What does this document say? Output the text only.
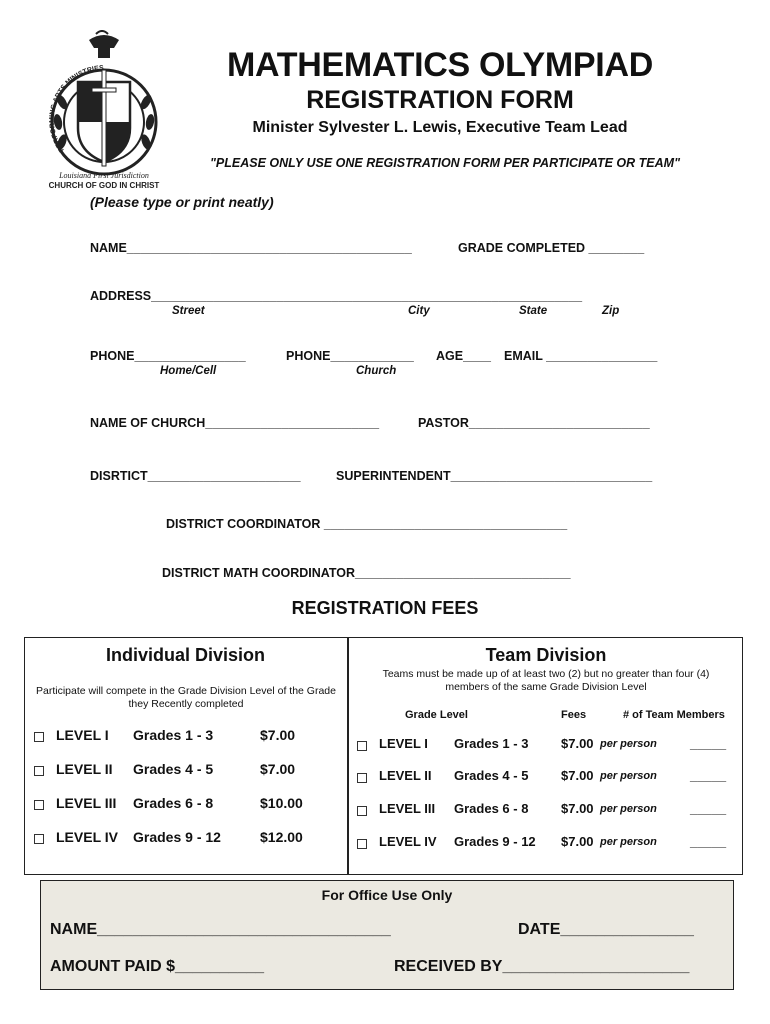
PERFORMING ARTS MINISTRIES
Louisiana First Jurisdiction
CHURCH OF GOD IN CHRIST
MATHEMATICS OLYMPIAD
REGISTRATION FORM
Minister Sylvester L. Lewis, Executive Team Lead
"PLEASE ONLY USE ONE REGISTRATION FORM PER PARTICIPATE OR TEAM"
(Please type or print neatly)
NAME_________________________________________	GRADE COMPLETED ________
ADDRESS______________________________________________________________
Street	City	State	Zip
PHONE________________
Home/Cell
PHONE____________
Church
AGE____ EMAIL ________________
NAME OF CHURCH_________________________	PASTOR__________________________
DISRTICT______________________	SUPERINTENDENT_____________________________
DISTRICT COORDINATOR ___________________________________
DISTRICT MATH COORDINATOR_______________________________
REGISTRATION FEES
Individual Division
Participate will compete in the Grade Division Level of the Grade they Recently completed
LEVEL I Grades 1 - 3	$7.00
LEVEL II Grades 4 - 5	$7.00
LEVEL III Grades 6 - 8	$10.00
LEVEL IV Grades 9 - 12	$12.00
Team Division
Teams must be made up of at least two (2) but no greater than four (4) members of the same Grade Division Level
Grade Level	Fees	# of Team Members
LEVEL I Grades 1 - 3	$7.00 per person	_____
LEVEL II Grades 4 - 5	$7.00 per person	_____
LEVEL III Grades 6 - 8	$7.00 per person	_____
LEVEL IV Grades 9 - 12 $7.00 per person	_____
For Office Use Only
NAME_________________________________	DATE_______________
AMOUNT PAID $__________	RECEIVED BY_____________________
